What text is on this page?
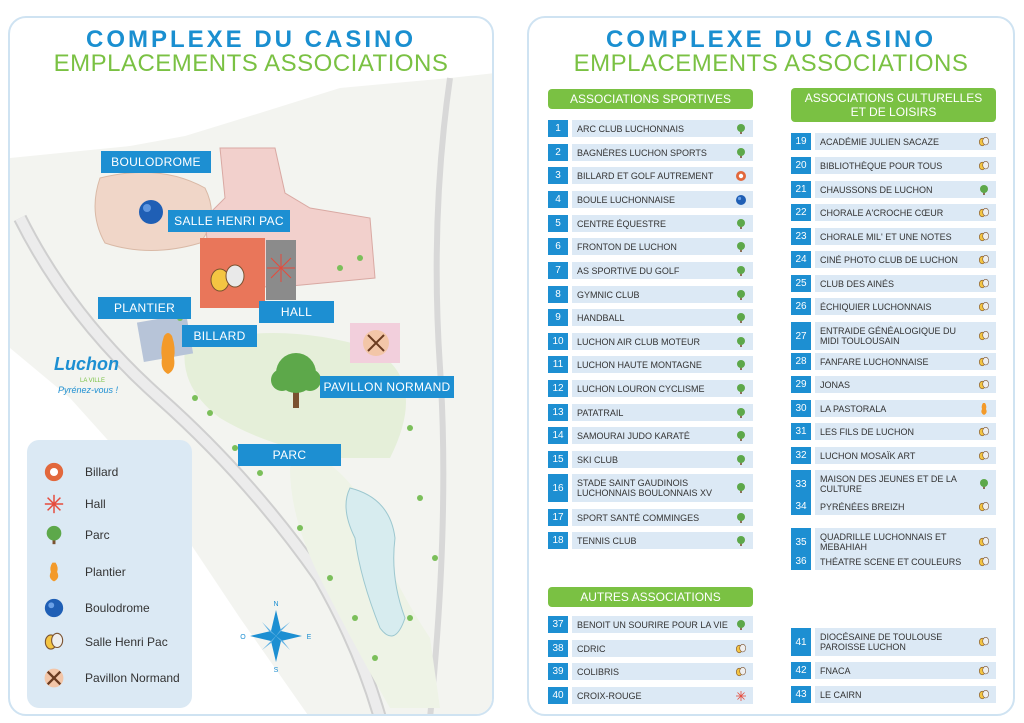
COMPLEXE DU CASINO
EMPLACEMENTS ASSOCIATIONS
N
S
E
O
Luchon
LA VILLE
Pyrénez-vous !
BOULODROME
SALLE HENRI PAC
PLANTIER	HALL
BILLARD
PAVILLON NORMAND
PARC
Billard
Hall
Parc
Plantier
Boulodrome
Salle Henri Pac
Pavillon Normand
COMPLEXE DU CASINO
EMPLACEMENTS ASSOCIATIONS
ASSOCIATIONS SPORTIVES	ASSOCIATIONS CULTURELLES ET DE LOISIRS
AUTRES ASSOCIATIONS
1	ARC CLUB LUCHONNAIS
2	BAGNÈRES LUCHON SPORTS
3	BILLARD ET GOLF AUTREMENT
4	BOULE LUCHONNAISE
5	CENTRE ÉQUESTRE
6	FRONTON DE LUCHON
7	AS SPORTIVE DU GOLF
8	GYMNIC CLUB
9	HANDBALL
10	LUCHON AIR CLUB MOTEUR
11	LUCHON HAUTE MONTAGNE
12	LUCHON LOURON CYCLISME
13	PATATRAIL
14	SAMOURAI JUDO KARATÉ
15	SKI CLUB
16	STADE SAINT GAUDINOIS LUCHONNAIS BOULONNAIS XV
17	SPORT SANTÉ COMMINGES
18	TENNIS CLUB
19	ACADÉMIE JULIEN SACAZE
20	BIBLIOTHÈQUE POUR TOUS
21	CHAUSSONS DE LUCHON
22	CHORALE A'CROCHE CŒUR
23	CHORALE MIL' ET UNE NOTES
24	CINÉ PHOTO CLUB DE LUCHON
25	CLUB DES AINÉS
26	ÉCHIQUIER LUCHONNAIS
27	ENTRAIDE GÉNÉALOGIQUE DU MIDI TOULOUSAIN
28	FANFARE LUCHONNAISE
29	JONAS
30	LA PASTORALA
31	LES FILS DE LUCHON
32	LUCHON MOSAÏK ART
33	MAISON DES JEUNES ET DE LA CULTURE
34	PYRÉNÉES BREIZH
35	QUADRILLE LUCHONNAIS ET MEBAHIAH
36	THÉATRE SCENE ET COULEURS
37	BENOIT UN SOURIRE POUR LA VIE
38	CDRIC
39	COLIBRIS
40	CROIX-ROUGE
41	DIOCÉSAINE DE TOULOUSE PAROISSE LUCHON
42	FNACA
43	LE CAIRN
